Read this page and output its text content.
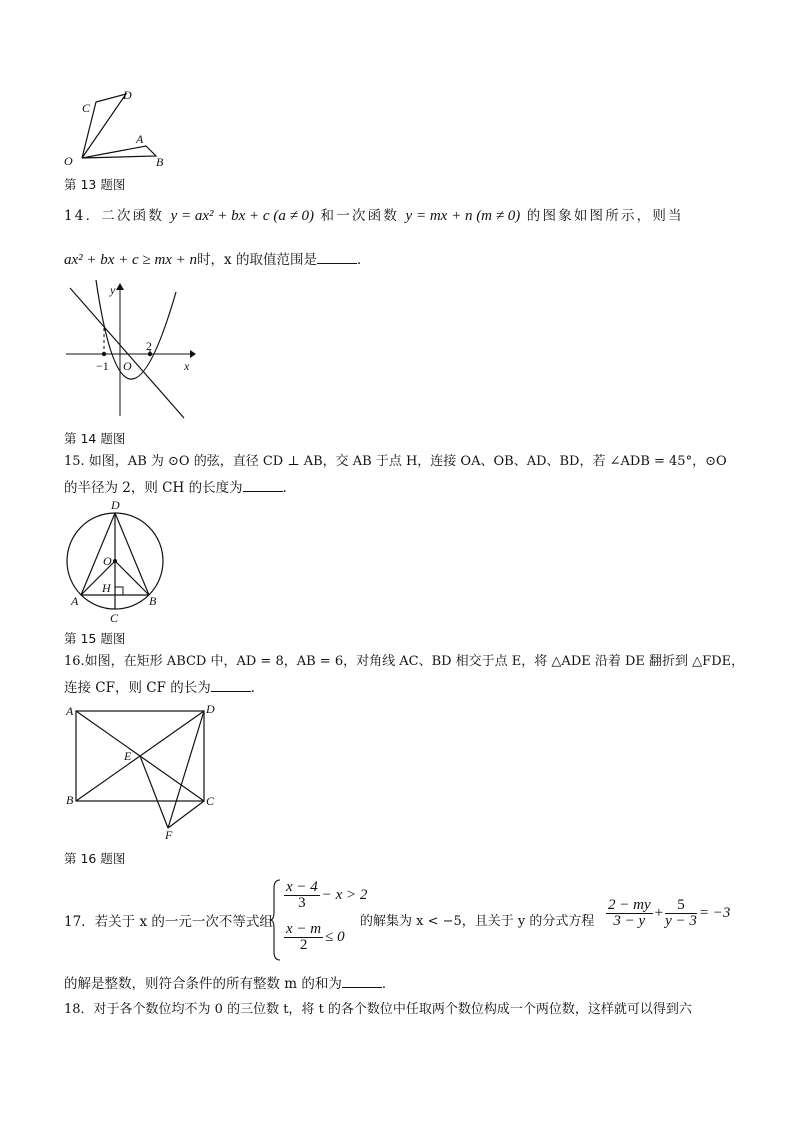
C
D
A
O	B
第 13 题图
14．二次函数 y = ax² + bx + c (a ≠ 0) 和一次函数 y = mx + n (m ≠ 0) 的图象如图所示，则当
ax² + bx + c ≥ mx + n时，x 的取值范围是	．
y
2
−1 O	x
第 14 题图
15. 如图，AB 为 ⊙O 的弦，直径 CD ⊥ AB，交 AB 于点 H，连接 OA、OB、AD、BD，若 ∠ADB = 45°，⊙O
的半径为 2，则 CH 的长度为	．
D
O
A
H
B
C
第 15 题图
16.如图，在矩形 ABCD 中，AD = 8，AB = 6，对角线 AC、BD 相交于点 E，将 △ADE 沿着 DE 翻折到 △FDE，
连接 CF，则 CF 的长为	．
A	D
E
B	C
F
第 16 题图
17．若关于 x 的一元一次不等式组
$\frac{x - 4}{3} - x > 2$
$\frac{x - m}{2} \le 0$
的解集为 x < −5，且关于 y 的分式方程 $\frac{2 - my}{3 - y} + \frac{5}{y - 3} = -3$
的解是整数，则符合条件的所有整数 m 的和为	．
18．对于各个数位均不为 0 的三位数 t，将 t 的各个数位中任取两个数位构成一个两位数，这样就可以得到六
